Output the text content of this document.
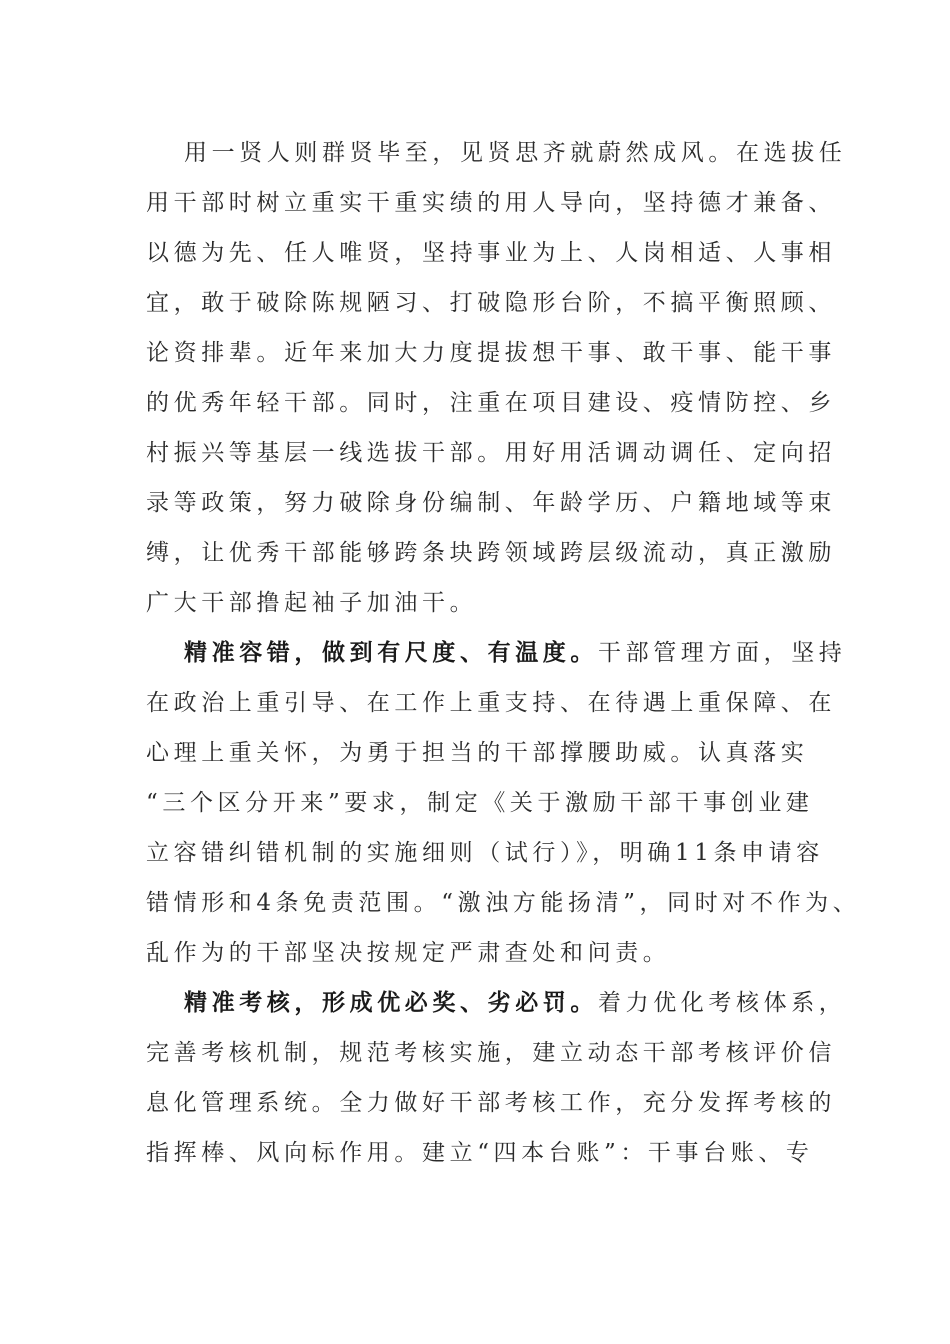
用一贤人则群贤毕至，见贤思齐就蔚然成风。在选拔任
用干部时树立重实干重实绩的用人导向，坚持德才兼备、
以德为先、任人唯贤，坚持事业为上、人岗相适、人事相
宜，敢于破除陈规陋习、打破隐形台阶，不搞平衡照顾、
论资排辈。近年来加大力度提拔想干事、敢干事、能干事
的优秀年轻干部。同时，注重在项目建设、疫情防控、乡
村振兴等基层一线选拔干部。用好用活调动调任、定向招
录等政策，努力破除身份编制、年龄学历、户籍地域等束
缚，让优秀干部能够跨条块跨领域跨层级流动，真正激励
广大干部撸起袖子加油干。
精准容错，做到有尺度、有温度。干部管理方面，坚持
在政治上重引导、在工作上重支持、在待遇上重保障、在
心理上重关怀，为勇于担当的干部撑腰助威。认真落实
“三个区分开来”要求，制定《关于激励干部干事创业建
立容错纠错机制的实施细则（试行）》，明确11条申请容
错情形和4条免责范围。“激浊方能扬清”，同时对不作为、
乱作为的干部坚决按规定严肃查处和问责。
精准考核，形成优必奖、劣必罚。着力优化考核体系，
完善考核机制，规范考核实施，建立动态干部考核评价信
息化管理系统。全力做好干部考核工作，充分发挥考核的
指挥棒、风向标作用。建立“四本台账”：干事台账、专
